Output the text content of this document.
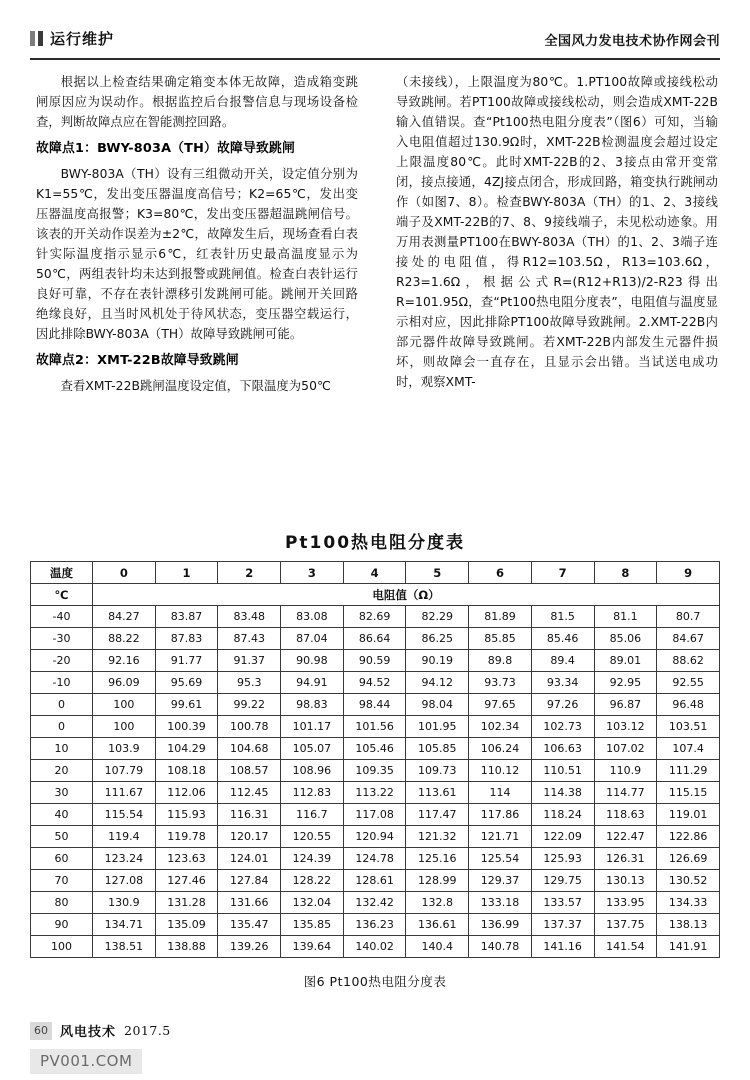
运行维护	全国风力发电技术协作网会刊

根据以上检查结果确定箱变本体无故障，造成箱变跳闸原因应为误动作。根据监控后台报警信息与现场设备检查，判断故障点应在智能测控回路。

故障点1：BWY-803A（TH）故障导致跳闸

BWY-803A（TH）设有三组微动开关，设定值分别为K1=55℃，发出变压器温度高信号；K2=65℃，发出变压器温度高报警；K3=80℃，发出变压器超温跳闸信号。该表的开关动作误差为±2℃，故障发生后，现场查看白表针实际温度指示显示6℃，红表针历史最高温度显示为50℃，两组表针均未达到报警或跳闸值。检查白表针运行良好可靠，不存在表针漂移引发跳闸可能。跳闸开关回路绝缘良好，且当时风机处于待风状态，变压器空载运行，因此排除BWY-803A（TH）故障导致跳闸可能。

故障点2：XMT-22B故障导致跳闸

查看XMT-22B跳闸温度设定值，下限温度为50℃

（未接线），上限温度为80℃。1.PT100故障或接线松动导致跳闸。若PT100故障或接线松动，则会造成XMT-22B输入值错误。查“Pt100热电阻分度表”（图6）可知，当输入电阻值超过130.9Ω时，XMT-22B检测温度会超过设定上限温度80℃。此时XMT-22B的2、3接点由常开变常闭，接点接通，4ZJ接点闭合，形成回路，箱变执行跳闸动作（如图7、8）。检查BWY-803A（TH）的1、2、3接线端子及XMT-22B的7、8、9接线端子，未见松动迹象。用万用表测量PT100在BWY-803A（TH）的1、2、3端子连接处的电阻值，得R12=103.5Ω，R13=103.6Ω，R23=1.6Ω，根据公式R=(R12+R13)/2-R23得出R=101.95Ω，查“Pt100热电阻分度表”，电阻值与温度显示相对应，因此排除PT100故障导致跳闸。2.XMT-22B内部元器件故障导致跳闸。若XMT-22B内部发生元器件损坏，则故障会一直存在，且显示会出错。当试送电成功时，观察XMT-

Pt100热电阻分度表
温度	0	1	2	3	4	5	6	7	8	9
℃	电阻值（Ω）									
-40	84.27	83.87	83.48	83.08	82.69	82.29	81.89	81.5	81.1	80.7
-30	88.22	87.83	87.43	87.04	86.64	86.25	85.85	85.46	85.06	84.67
-20	92.16	91.77	91.37	90.98	90.59	90.19	89.8	89.4	89.01	88.62
-10	96.09	95.69	95.3	94.91	94.52	94.12	93.73	93.34	92.95	92.55
0	100	99.61	99.22	98.83	98.44	98.04	97.65	97.26	96.87	96.48
0	100	100.39	100.78	101.17	101.56	101.95	102.34	102.73	103.12	103.51
10	103.9	104.29	104.68	105.07	105.46	105.85	106.24	106.63	107.02	107.4
20	107.79	108.18	108.57	108.96	109.35	109.73	110.12	110.51	110.9	111.29
30	111.67	112.06	112.45	112.83	113.22	113.61	114	114.38	114.77	115.15
40	115.54	115.93	116.31	116.7	117.08	117.47	117.86	118.24	118.63	119.01
50	119.4	119.78	120.17	120.55	120.94	121.32	121.71	122.09	122.47	122.86
60	123.24	123.63	124.01	124.39	124.78	125.16	125.54	125.93	126.31	126.69
70	127.08	127.46	127.84	128.22	128.61	128.99	129.37	129.75	130.13	130.52
80	130.9	131.28	131.66	132.04	132.42	132.8	133.18	133.57	133.95	134.33
90	134.71	135.09	135.47	135.85	136.23	136.61	136.99	137.37	137.75	138.13
100	138.51	138.88	139.26	139.64	140.02	140.4	140.78	141.16	141.54	141.91
图6 Pt100热电阻分度表
60 风电技术 2017.5
PV001.COM
